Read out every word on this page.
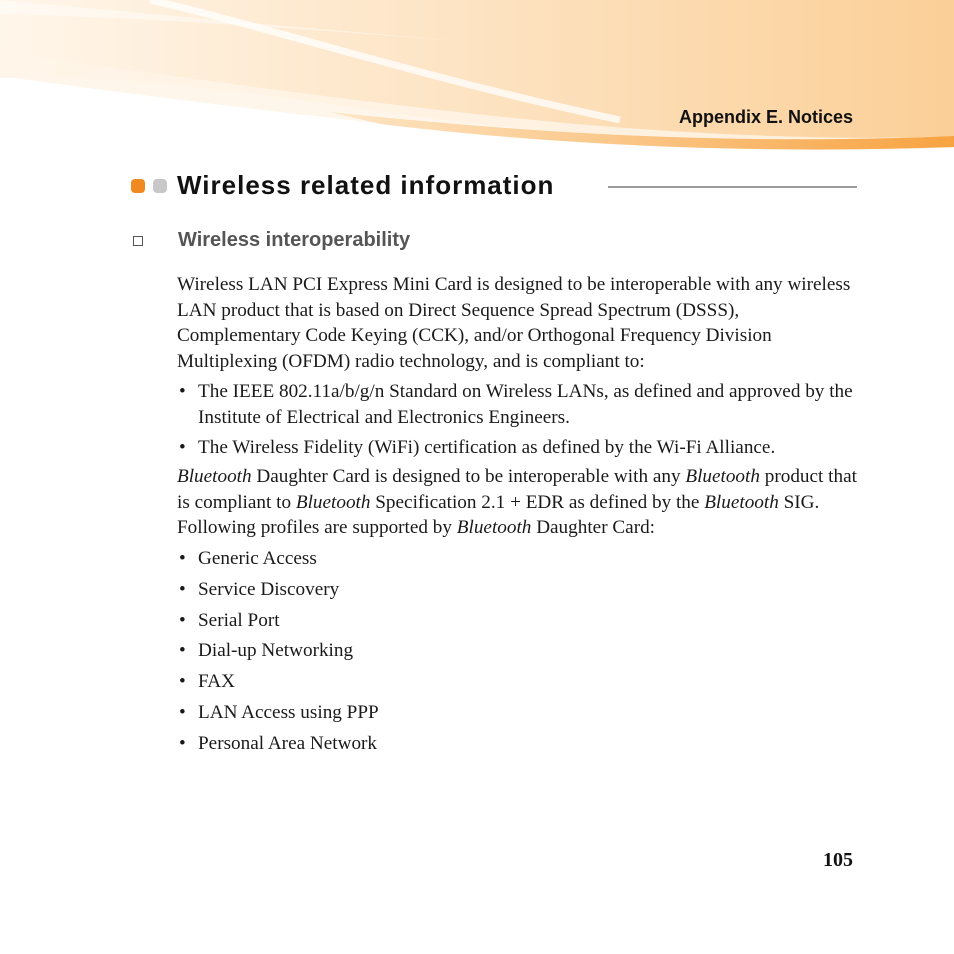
Appendix E. Notices
Wireless related information
Wireless interoperability

Wireless LAN PCI Express Mini Card is designed to be interoperable with any wireless LAN product that is based on Direct Sequence Spread Spectrum (DSSS), Complementary Code Keying (CCK), and/or Orthogonal Frequency Division Multiplexing (OFDM) radio technology, and is compliant to:

• The IEEE 802.11a/b/g/n Standard on Wireless LANs, as defined and approved by the Institute of Electrical and Electronics Engineers.
• The Wireless Fidelity (WiFi) certification as defined by the Wi-Fi Alliance.

Bluetooth Daughter Card is designed to be interoperable with any Bluetooth product that is compliant to Bluetooth Specification 2.1 + EDR as defined by the Bluetooth SIG. Following profiles are supported by Bluetooth Daughter Card:

• Generic Access
• Service Discovery
• Serial Port
• Dial-up Networking
• FAX
• LAN Access using PPP
• Personal Area Network
105
